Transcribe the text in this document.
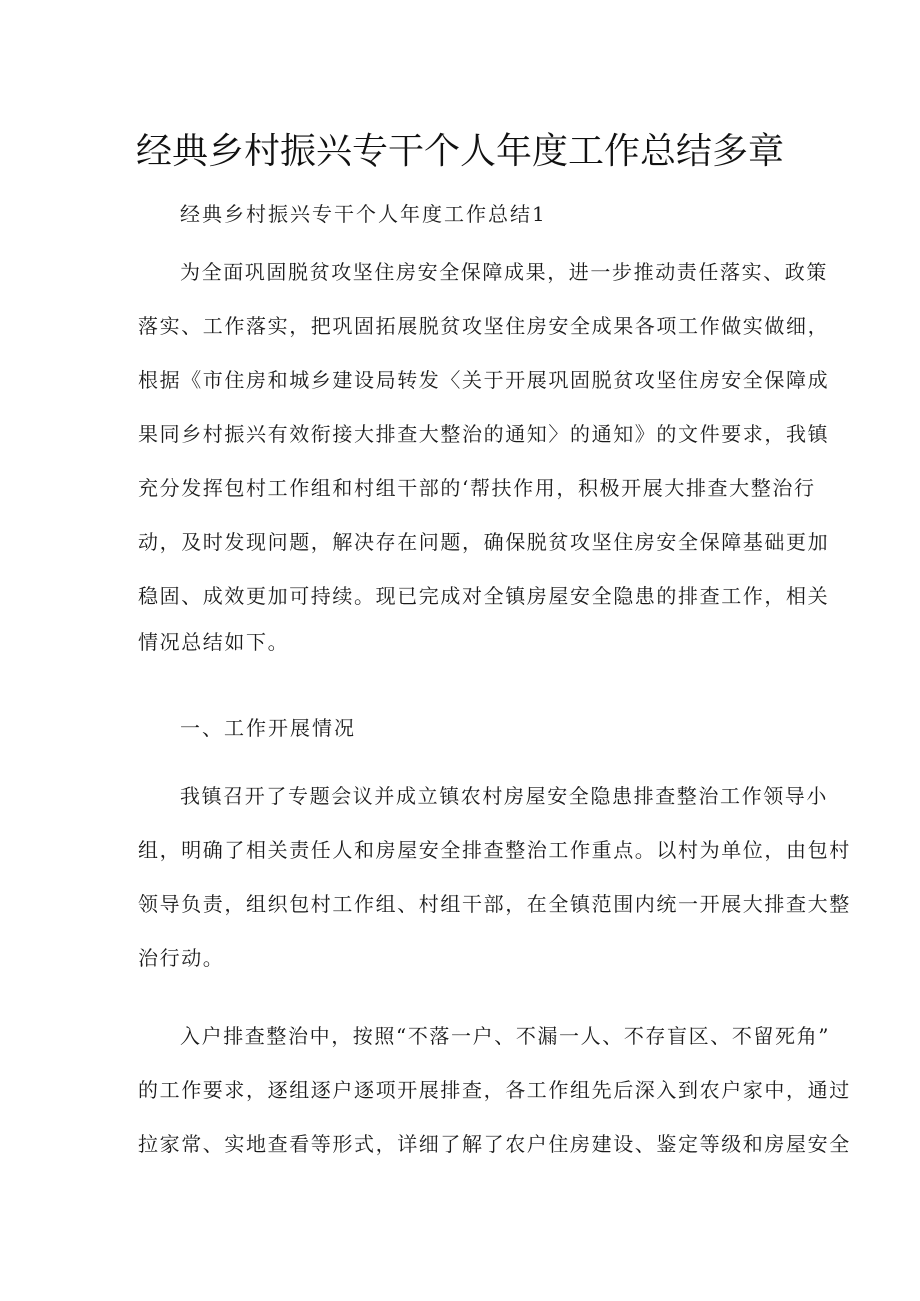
经典乡村振兴专干个人年度工作总结多章

经典乡村振兴专干个人年度工作总结1

为全面巩固脱贫攻坚住房安全保障成果，进一步推动责任落实、政策
落实、工作落实，把巩固拓展脱贫攻坚住房安全成果各项工作做实做细，
根据《市住房和城乡建设局转发〈关于开展巩固脱贫攻坚住房安全保障成
果同乡村振兴有效衔接大排查大整治的通知〉的通知》的文件要求，我镇
充分发挥包村工作组和村组干部的‘帮扶作用，积极开展大排查大整治行
动，及时发现问题，解决存在问题，确保脱贫攻坚住房安全保障基础更加
稳固、成效更加可持续。现已完成对全镇房屋安全隐患的排查工作，相关
情况总结如下。

一、工作开展情况

我镇召开了专题会议并成立镇农村房屋安全隐患排查整治工作领导小
组，明确了相关责任人和房屋安全排查整治工作重点。以村为单位，由包村
领导负责，组织包村工作组、村组干部，在全镇范围内统一开展大排查大整
治行动。
入户排查整治中，按照“不落一户、不漏一人、不存盲区、不留死角”
的工作要求，逐组逐户逐项开展排查，各工作组先后深入到农户家中，通过
拉家常、实地查看等形式，详细了解了农户住房建设、鉴定等级和房屋安全
